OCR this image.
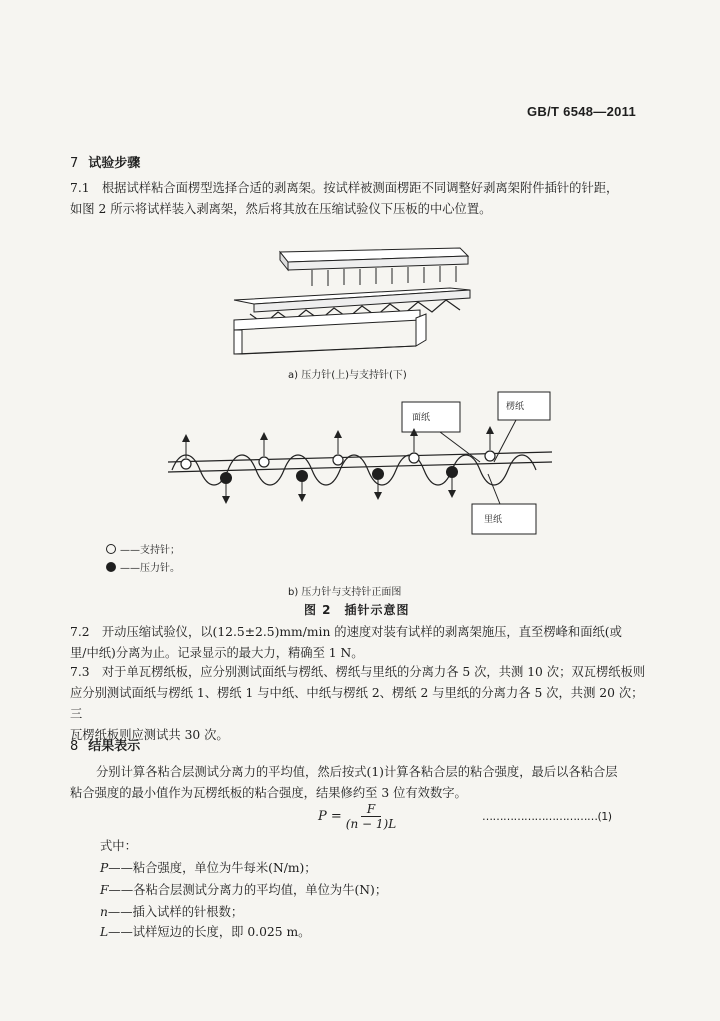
GB/T 6548—2011
7 试验步骤
7.1　 根据试样粘合面楞型选择合适的剥离架。按试样被测面楞距不同调整好剥离架附件插针的针距，
如图 2 所示将试样装入剥离架，然后将其放在压缩试验仪下压板的中心位置。
a) 压力针(上)与支持针(下)
面纸
楞纸
里纸
——支持针；
——压力针。
b) 压力针与支持针正面图
图 2　插针示意图
7.2　 开动压缩试验仪，以(12.5±2.5)mm/min 的速度对装有试样的剥离架施压，直至楞峰和面纸(或
里/中纸)分离为止。记录显示的最大力，精确至 1 N。
7.3　 对于单瓦楞纸板，应分别测试面纸与楞纸、楞纸与里纸的分离力各 5 次，共测 10 次；双瓦楞纸板则
应分别测试面纸与楞纸 1、楞纸 1 与中纸、中纸与楞纸 2、楞纸 2 与里纸的分离力各 5 次，共测 20 次；三
瓦楞纸板则应测试共 30 次。
8 结果表示
分别计算各粘合层测试分离力的平均值，然后按式(1)计算各粘合层的粘合强度，最后以各粘合层
粘合强度的最小值作为瓦楞纸板的粘合强度，结果修约至 3 位有效数字。
$P = \frac{F}{(n - 1)L}$	……………………………(1)
式中：
P——粘合强度，单位为牛每米(N/m)；
F——各粘合层测试分离力的平均值，单位为牛(N)；
n——插入试样的针根数；
L——试样短边的长度，即 0.025 m。
